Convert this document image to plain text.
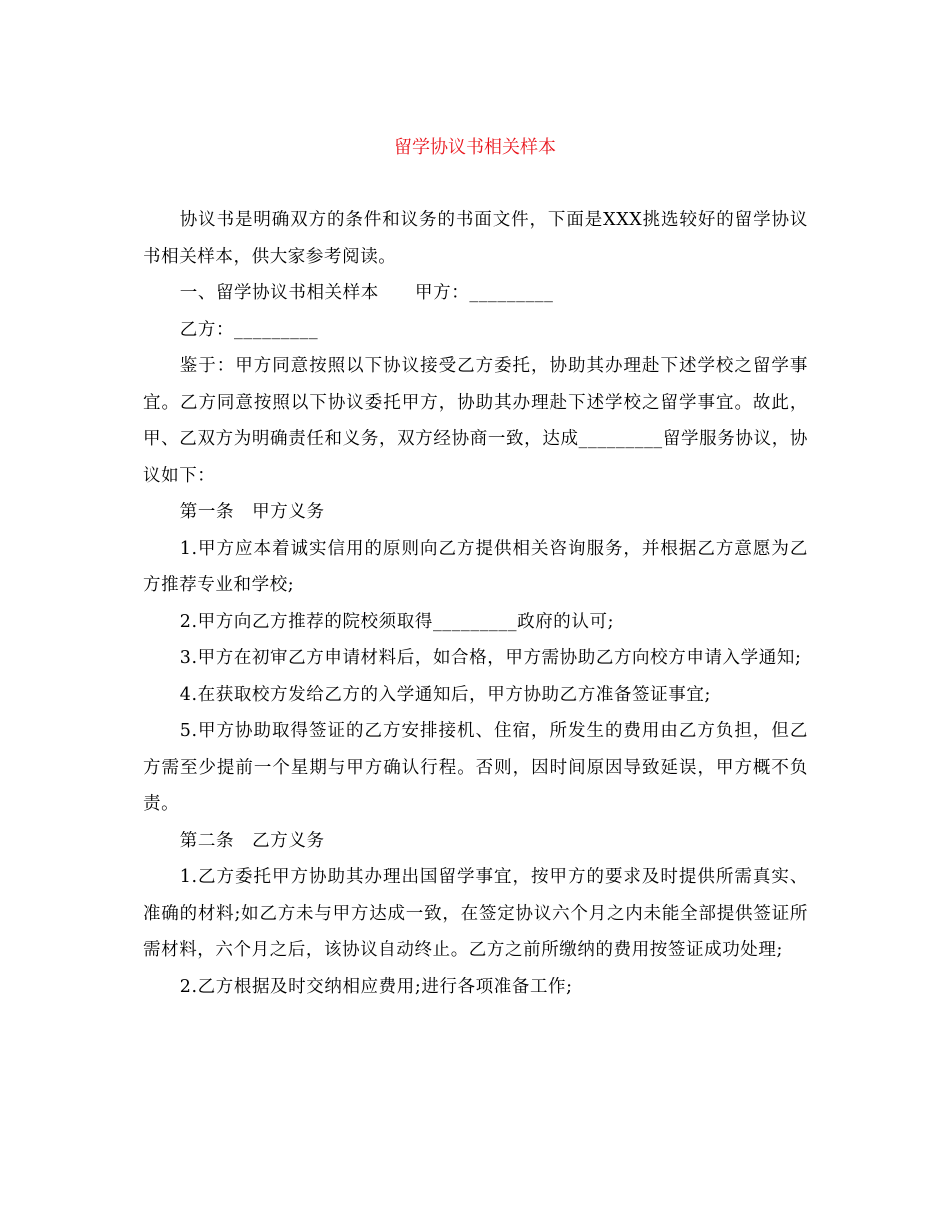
留学协议书相关样本

协议书是明确双方的条件和议务的书面文件，下面是XXX挑选较好的留学协议书相关样本，供大家参考阅读。

一、留学协议书相关样本　　甲方：_________

乙方：_________

鉴于：甲方同意按照以下协议接受乙方委托，协助其办理赴下述学校之留学事宜。乙方同意按照以下协议委托甲方，协助其办理赴下述学校之留学事宜。故此，甲、乙双方为明确责任和义务，双方经协商一致，达成_________留学服务协议，协议如下：

第一条　甲方义务

1.甲方应本着诚实信用的原则向乙方提供相关咨询服务，并根据乙方意愿为乙方推荐专业和学校;

2.甲方向乙方推荐的院校须取得_________政府的认可;

3.甲方在初审乙方申请材料后，如合格，甲方需协助乙方向校方申请入学通知;

4.在获取校方发给乙方的入学通知后，甲方协助乙方准备签证事宜;

5.甲方协助取得签证的乙方安排接机、住宿，所发生的费用由乙方负担，但乙方需至少提前一个星期与甲方确认行程。否则，因时间原因导致延误，甲方概不负责。

第二条　乙方义务

1.乙方委托甲方协助其办理出国留学事宜，按甲方的要求及时提供所需真实、准确的材料;如乙方未与甲方达成一致，在签定协议六个月之内未能全部提供签证所需材料，六个月之后，该协议自动终止。乙方之前所缴纳的费用按签证成功处理;

2.乙方根据及时交纳相应费用;进行各项准备工作;
